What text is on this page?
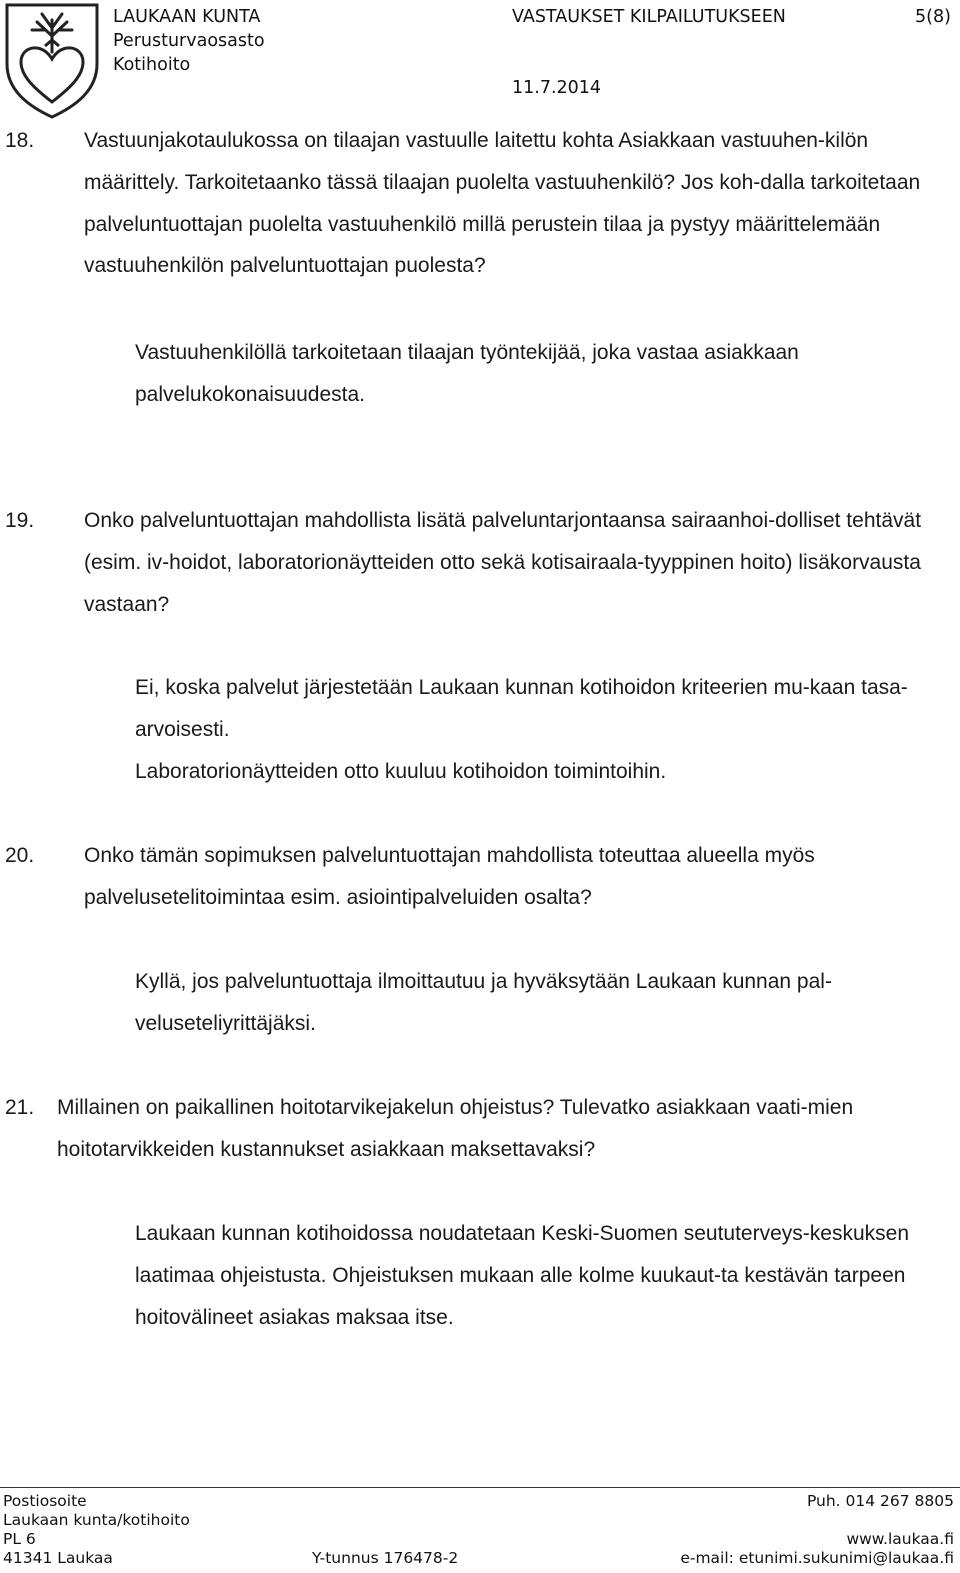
LAUKAAN KUNTA
Perusturvaosasto
Kotihoito
VASTAUKSET KILPAILUTUKSEEN	5(8)
11.7.2014
18. Vastuunjakotaulukossa on tilaajan vastuulle laitettu kohta Asiakkaan vastuuhen-kilön määrittely. Tarkoitetaanko tässä tilaajan puolelta vastuuhenkilö? Jos koh-dalla tarkoitetaan palveluntuottajan puolelta vastuuhenkilö millä perustein tilaa ja pystyy määrittelemään vastuuhenkilön palveluntuottajan puolesta?
Vastuuhenkilöllä tarkoitetaan tilaajan työntekijää, joka vastaa asiakkaan palvelukokonaisuudesta.
19. Onko palveluntuottajan mahdollista lisätä palveluntarjontaansa sairaanhoi-dolliset tehtävät (esim. iv-hoidot, laboratorionäytteiden otto sekä kotisairaala-tyyppinen hoito) lisäkorvausta vastaan?
Ei, koska palvelut järjestetään Laukaan kunnan kotihoidon kriteerien mu-kaan tasa-arvoisesti.
Laboratorionäytteiden otto kuuluu kotihoidon toimintoihin.
20. Onko tämän sopimuksen palveluntuottajan mahdollista toteuttaa alueella myös palvelusetelitoimintaa esim. asiointipalveluiden osalta?
Kyllä, jos palveluntuottaja ilmoittautuu ja hyväksytään Laukaan kunnan pal-veluseteliyrittäjäksi.
21. Millainen on paikallinen hoitotarvikejakelun ohjeistus? Tulevatko asiakkaan vaati-mien hoitotarvikkeiden kustannukset asiakkaan maksettavaksi?
Laukaan kunnan kotihoidossa noudatetaan Keski-Suomen seututerveys-keskuksen laatimaa ohjeistusta. Ohjeistuksen mukaan alle kolme kuukaut-ta kestävän tarpeen hoitovälineet asiakas maksaa itse.
Postiosoite
Laukaan kunta/kotihoito
PL 6
41341 Laukaa	Y-tunnus 176478-2
Puh. 014 267 8805
www.laukaa.fi
e-mail: etunimi.sukunimi@laukaa.fi
